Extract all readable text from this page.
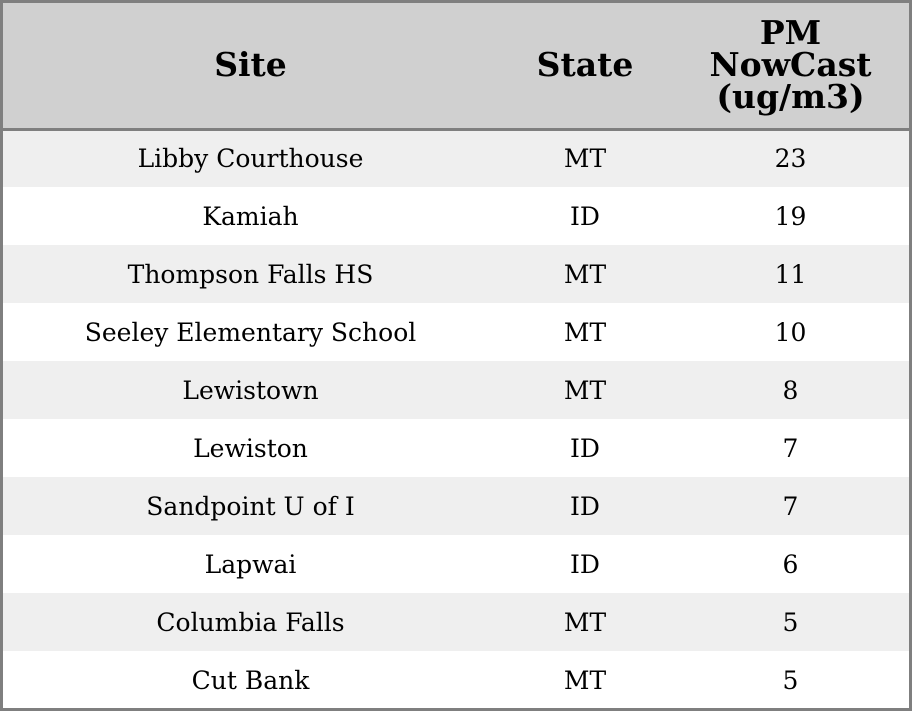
Site	State	PM
NowCast
(ug/m3)

Libby Courthouse	MT	23
Kamiah	ID	19
Thompson Falls HS	MT	11
Seeley Elementary School	MT	10
Lewistown	MT	8
Lewiston	ID	7
Sandpoint U of I	ID	7
Lapwai	ID	6
Columbia Falls	MT	5
Cut Bank	MT	5
